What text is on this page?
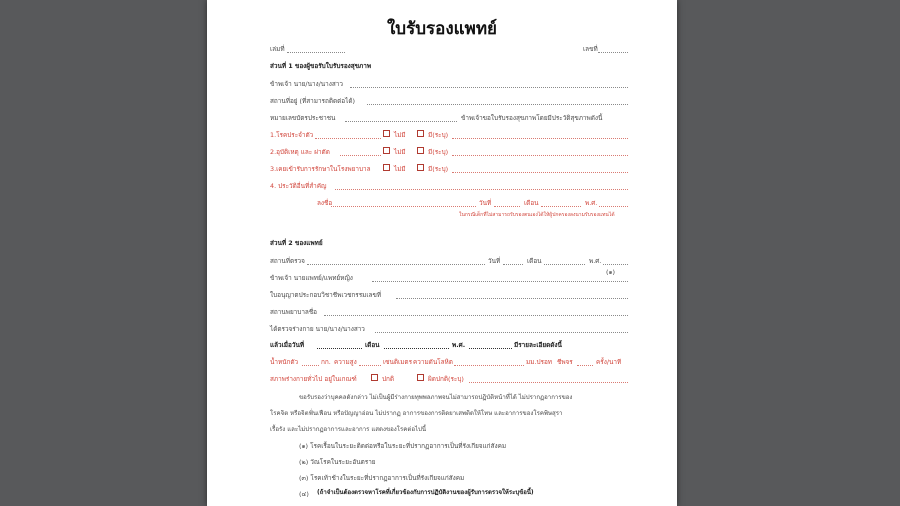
ใบรับรองแพทย์
เล่มที่	เลขที่
ส่วนที่ 1 ของผู้ขอรับใบรับรองสุขภาพ
ข้าพเจ้า นาย/นาง/นางสาว
สถานที่อยู่ (ที่สามารถติดต่อได้)
หมายเลขบัตรประชาชน	ข้าพเจ้าขอใบรับรองสุขภาพโดยมีประวัติสุขภาพดังนี้
1.โรคประจำตัว	ไม่มี	มี(ระบุ)
2.อุบัติเหตุ และ ผ่าตัด	ไม่มี	มี(ระบุ)
3.เคยเข้ารับการรักษาในโรงพยาบาล	ไม่มี	มี(ระบุ)
4. ประวัติอื่นที่สำคัญ
ลงชื่อ	วันที่	เดือน	พ.ศ.
ในกรณีเด็กที่ไม่สามารถรับรองตนเองได้ให้ผู้ปกครองลงนามรับรองแทนได้
ส่วนที่ 2 ของแพทย์
สถานที่ตรวจ	วันที่	เดือน	พ.ศ.
ข้าพเจ้า นายแพทย์/แพทย์หญิง
(๑)
ใบอนุญาตประกอบวิชาชีพเวชกรรมเลขที่
สถานพยาบาลชื่อ
ได้ตรวจร่างกาย นาย/นาง/นางสาว
แล้วเมื่อวันที่	เดือน	พ.ศ.	มีรายละเอียดดังนี้
น้ำหนักตัว	กก. ความสูง	เซนติเมตร ความดันโลหิต	มม.ปรอท ชีพจร	ครั้ง/นาที
สภาพร่างกายทั่วไป อยู่ในเกณฑ์	ปกติ	ผิดปกติ(ระบุ)
ขอรับรองว่าบุคคลดังกล่าว ไม่เป็นผู้มีร่างกายทุพพลภาพจนไม่สามารถปฏิบัติหน้าที่ได้ ไม่ปรากฏอาการของ
โรคจิต หรือจิตฟั่นเฟือน หรือปัญญาอ่อน ไม่ปรากฏ อาการของการติดยาเสพติดให้โทษ และอาการของโรคพิษสุรา
เรื้อรัง และไม่ปรากฏอาการและอาการ แสดงของโรคต่อไปนี้
(๑) โรคเรื้อนในระยะติดต่อหรือในระยะที่ปรากฏอาการเป็นที่รังเกียจแก่สังคม
(๒) วัณโรคในระยะอันตราย
(๓) โรคเท้าช้างในระยะที่ปรากฏอาการเป็นที่รังเกียจแก่สังคม
(๔) (ถ้าจำเป็นต้องตรวจหาโรคที่เกี่ยวข้องกับการปฏิบัติงานของผู้รับการตรวจให้ระบุข้อนี้)
